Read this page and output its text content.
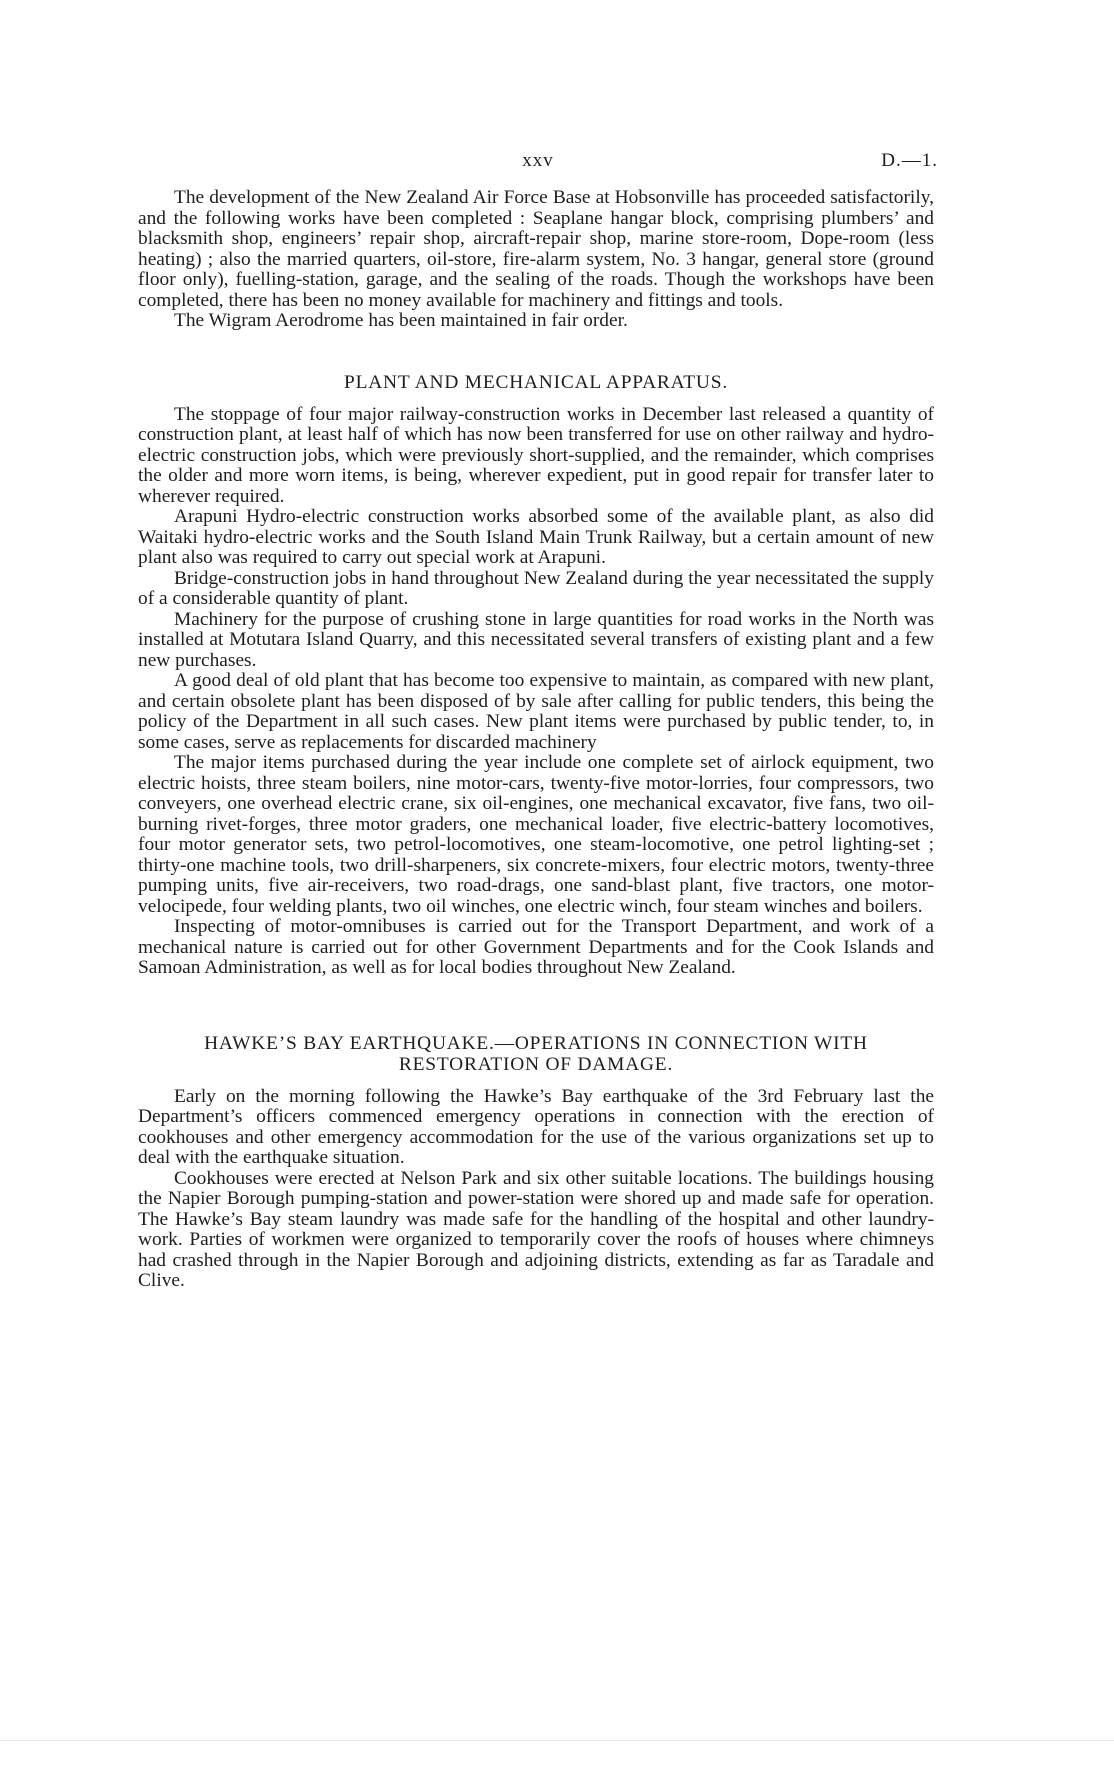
xxv	D.—1.

The development of the New Zealand Air Force Base at Hobsonville has proceeded satisfactorily, and the following works have been completed : Seaplane hangar block, comprising plumbers’ and blacksmith shop, engineers’ repair shop, aircraft-repair shop, marine store-room, Dope-room (less heating) ; also the married quarters, oil-store, fire-alarm system, No. 3 hangar, general store (ground floor only), fuelling-station, garage, and the sealing of the roads. Though the workshops have been completed, there has been no money available for machinery and fittings and tools.

The Wigram Aerodrome has been maintained in fair order.

PLANT AND MECHANICAL APPARATUS.

The stoppage of four major railway-construction works in December last released a quantity of construction plant, at least half of which has now been transferred for use on other railway and hydro-electric construction jobs, which were previously short-supplied, and the remainder, which comprises the older and more worn items, is being, wherever expedient, put in good repair for transfer later to wherever required.

Arapuni Hydro-electric construction works absorbed some of the available plant, as also did Waitaki hydro-electric works and the South Island Main Trunk Railway, but a certain amount of new plant also was required to carry out special work at Arapuni.

Bridge-construction jobs in hand throughout New Zealand during the year necessitated the supply of a considerable quantity of plant.

Machinery for the purpose of crushing stone in large quantities for road works in the North was installed at Motutara Island Quarry, and this necessitated several transfers of existing plant and a few new purchases.

A good deal of old plant that has become too expensive to maintain, as compared with new plant, and certain obsolete plant has been disposed of by sale after calling for public tenders, this being the policy of the Department in all such cases. New plant items were purchased by public tender, to, in some cases, serve as replacements for discarded machinery

The major items purchased during the year include one complete set of airlock equipment, two electric hoists, three steam boilers, nine motor-cars, twenty-five motor-lorries, four compressors, two conveyers, one overhead electric crane, six oil-engines, one mechanical excavator, five fans, two oil-burning rivet-forges, three motor graders, one mechanical loader, five electric-battery locomotives, four motor generator sets, two petrol-locomotives, one steam-locomotive, one petrol lighting-set ; thirty-one machine tools, two drill-sharpeners, six concrete-mixers, four electric motors, twenty-three pumping units, five air-receivers, two road-drags, one sand-blast plant, five tractors, one motor-velocipede, four welding plants, two oil winches, one electric winch, four steam winches and boilers.

Inspecting of motor-omnibuses is carried out for the Transport Department, and work of a mechanical nature is carried out for other Government Departments and for the Cook Islands and Samoan Administration, as well as for local bodies throughout New Zealand.

HAWKE’S BAY EARTHQUAKE.—OPERATIONS IN CONNECTION WITH RESTORATION OF DAMAGE.

Early on the morning following the Hawke’s Bay earthquake of the 3rd February last the Department’s officers commenced emergency operations in connection with the erection of cookhouses and other emergency accommodation for the use of the various organizations set up to deal with the earthquake situation.

Cookhouses were erected at Nelson Park and six other suitable locations. The buildings housing the Napier Borough pumping-station and power-station were shored up and made safe for operation. The Hawke’s Bay steam laundry was made safe for the handling of the hospital and other laundry-work. Parties of workmen were organized to temporarily cover the roofs of houses where chimneys had crashed through in the Napier Borough and adjoining districts, extending as far as Taradale and Clive.
